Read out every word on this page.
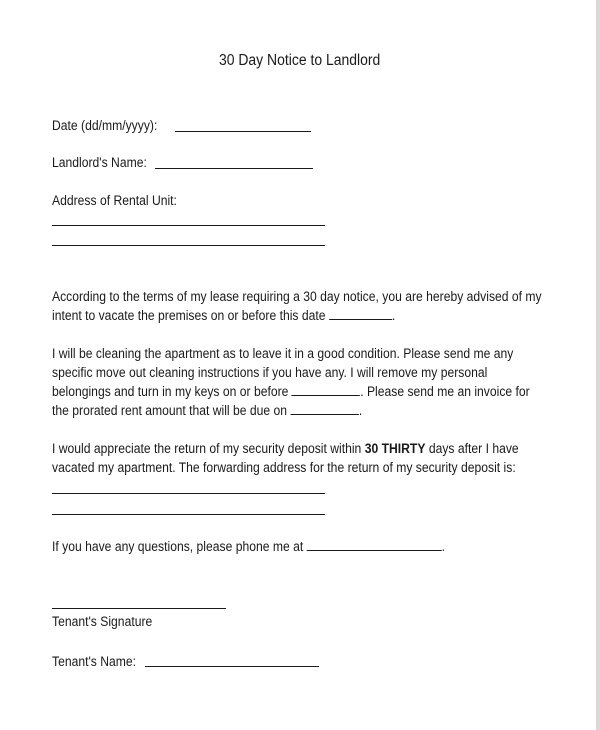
30 Day Notice to Landlord
Date (dd/mm/yyyy):
Landlord's Name:
Address of Rental Unit:
According to the terms of my lease requiring a 30 day notice, you are hereby advised of my
intent to vacate the premises on or before this date	.
I will be cleaning the apartment as to leave it in a good condition. Please send me any
specific move out cleaning instructions if you have any. I will remove my personal
belongings and turn in my keys on or before	. Please send me an invoice for
the prorated rent amount that will be due on	.
I would appreciate the return of my security deposit within 30 THIRTY days after I have
vacated my apartment. The forwarding address for the return of my security deposit is:
If you have any questions, please phone me at	.
Tenant's Signature
Tenant's Name:
